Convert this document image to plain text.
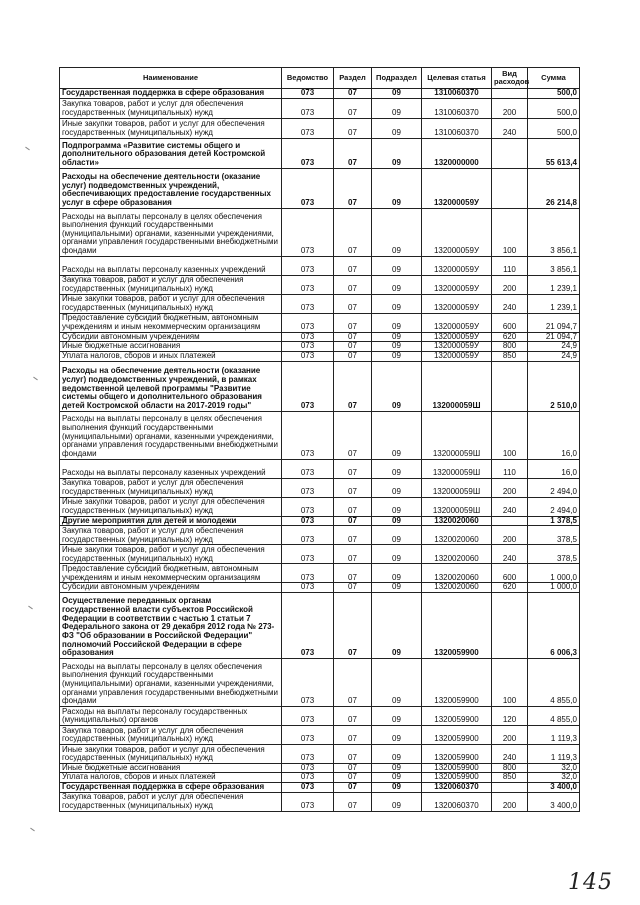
Наименование	Ведомство	Раздел	Подраздел	Целевая статья	Вид расходов	Сумма
Государственная поддержка в сфере образования	073	07	09	1310060370		500,0
Закупка товаров, работ и услуг для обеспечения государственных (муниципальных) нужд	073	07	09	1310060370	200	500,0
Иные закупки товаров, работ и услуг для обеспечения государственных (муниципальных) нужд	073	07	09	1310060370	240	500,0
Подпрограмма «Развитие системы общего и дополнительного образования детей Костромской области»	073	07	09	1320000000		55 613,4
Расходы на обеспечение деятельности (оказание услуг) подведомственных учреждений, обеспечивающих предоставление государственных услуг в сфере образования	073	07	09	132000059У		26 214,8
Расходы на выплаты персоналу в целях обеспечения выполнения функций государственными (муниципальными) органами, казенными учреждениями, органами управления государственными внебюджетными фондами	073	07	09	132000059У	100	3 856,1
Расходы на выплаты персоналу казенных учреждений	073	07	09	132000059У	110	3 856,1
Закупка товаров, работ и услуг для обеспечения государственных (муниципальных) нужд	073	07	09	132000059У	200	1 239,1
Иные закупки товаров, работ и услуг для обеспечения государственных (муниципальных) нужд	073	07	09	132000059У	240	1 239,1
Предоставление субсидий бюджетным, автономным учреждениям и иным некоммерческим организациям	073	07	09	132000059У	600	21 094,7
Субсидии автономным учреждениям	073	07	09	132000059У	620	21 094,7
Иные бюджетные ассигнования	073	07	09	132000059У	800	24,9
Уплата налогов, сборов и иных платежей	073	07	09	132000059У	850	24,9
Расходы на обеспечение деятельности (оказание услуг) подведомственных учреждений, в рамках ведомственной целевой программы "Развитие системы общего и дополнительного образования детей Костромской области на 2017-2019 годы"	073	07	09	132000059Ш		2 510,0
Расходы на выплаты персоналу в целях обеспечения выполнения функций государственными (муниципальными) органами, казенными учреждениями, органами управления государственными внебюджетными фондами	073	07	09	132000059Ш	100	16,0
Расходы на выплаты персоналу казенных учреждений	073	07	09	132000059Ш	110	16,0
Закупка товаров, работ и услуг для обеспечения государственных (муниципальных) нужд	073	07	09	132000059Ш	200	2 494,0
Иные закупки товаров, работ и услуг для обеспечения государственных (муниципальных) нужд	073	07	09	132000059Ш	240	2 494,0
Другие мероприятия для детей и молодежи	073	07	09	1320020060		1 378,5
Закупка товаров, работ и услуг для обеспечения государственных (муниципальных) нужд	073	07	09	1320020060	200	378,5
Иные закупки товаров, работ и услуг для обеспечения государственных (муниципальных) нужд	073	07	09	1320020060	240	378,5
Предоставление субсидий бюджетным, автономным учреждениям и иным некоммерческим организациям	073	07	09	1320020060	600	1 000,0
Субсидии автономным учреждениям	073	07	09	1320020060	620	1 000,0
Осуществление переданных органам государственной власти субъектов Российской Федерации в соответствии с частью 1 статьи 7 Федерального закона от 29 декабря 2012 года № 273-ФЗ "Об образовании в Российской Федерации" полномочий Российской Федерации в сфере образования	073	07	09	1320059900		6 006,3
Расходы на выплаты персоналу в целях обеспечения выполнения функций государственными (муниципальными) органами, казенными учреждениями, органами управления государственными внебюджетными фондами	073	07	09	1320059900	100	4 855,0
Расходы на выплаты персоналу государственных (муниципальных) органов	073	07	09	1320059900	120	4 855,0
Закупка товаров, работ и услуг для обеспечения государственных (муниципальных) нужд	073	07	09	1320059900	200	1 119,3
Иные закупки товаров, работ и услуг для обеспечения государственных (муниципальных) нужд	073	07	09	1320059900	240	1 119,3
Иные бюджетные ассигнования	073	07	09	1320059900	800	32,0
Уплата налогов, сборов и иных платежей	073	07	09	1320059900	850	32,0
Государственная поддержка в сфере образования	073	07	09	1320060370		3 400,0
Закупка товаров, работ и услуг для обеспечения государственных (муниципальных) нужд	073	07	09	1320060370	200	3 400,0
145
